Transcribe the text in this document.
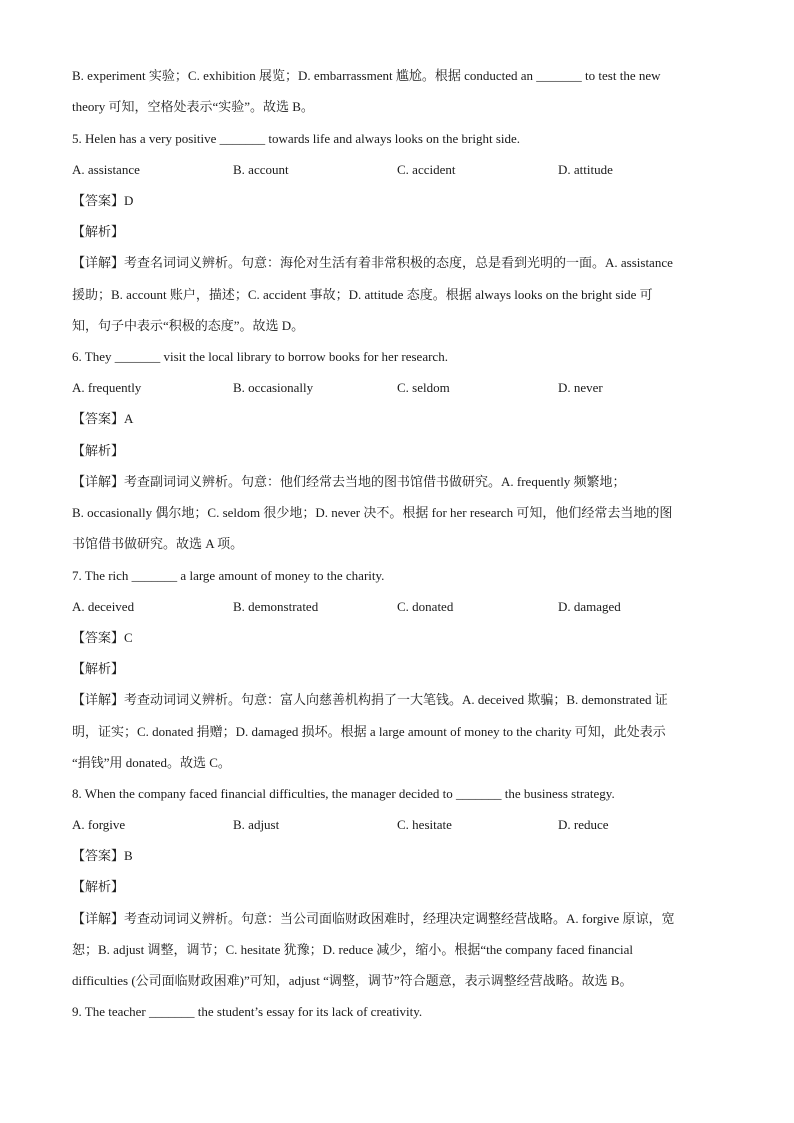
B. experiment 实验；C. exhibition 展览；D. embarrassment 尴尬。根据 conducted an _______ to test the new
theory 可知，空格处表示“实验”。故选 B。
5. Helen has a very positive _______ towards life and always looks on the bright side.
A. assistance	B. account	C. accident	D. attitude
【答案】D
【解析】
【详解】考查名词词义辨析。句意：海伦对生活有着非常积极的态度，总是看到光明的一面。A. assistance
援助；B. account 账户，描述；C. accident 事故；D. attitude 态度。根据 always looks on the bright side 可
知，句子中表示“积极的态度”。故选 D。
6. They _______ visit the local library to borrow books for her research.
A. frequently	B. occasionally	C. seldom	D. never
【答案】A
【解析】
【详解】考查副词词义辨析。句意：他们经常去当地的图书馆借书做研究。A. frequently 频繁地；
B. occasionally 偶尔地；C. seldom 很少地；D. never 决不。根据 for her research 可知，他们经常去当地的图
书馆借书做研究。故选 A 项。
7. The rich _______ a large amount of money to the charity.
A. deceived	B. demonstrated	C. donated	D. damaged
【答案】C
【解析】
【详解】考查动词词义辨析。句意：富人向慈善机构捐了一大笔钱。A. deceived 欺骗；B. demonstrated 证
明，证实；C. donated 捐赠；D. damaged 损坏。根据 a large amount of money to the charity 可知，此处表示
“捐钱”用 donated。故选 C。
8. When the company faced financial difficulties, the manager decided to _______ the business strategy.
A. forgive	B. adjust	C. hesitate	D. reduce
【答案】B
【解析】
【详解】考查动词词义辨析。句意：当公司面临财政困难时，经理决定调整经营战略。A. forgive 原谅，宽
恕；B. adjust 调整，调节；C. hesitate 犹豫；D. reduce 减少，缩小。根据“the company faced financial
difficulties (公司面临财政困难)”可知，adjust “调整，调节”符合题意，表示调整经营战略。故选 B。
9. The teacher _______ the student’s essay for its lack of creativity.
